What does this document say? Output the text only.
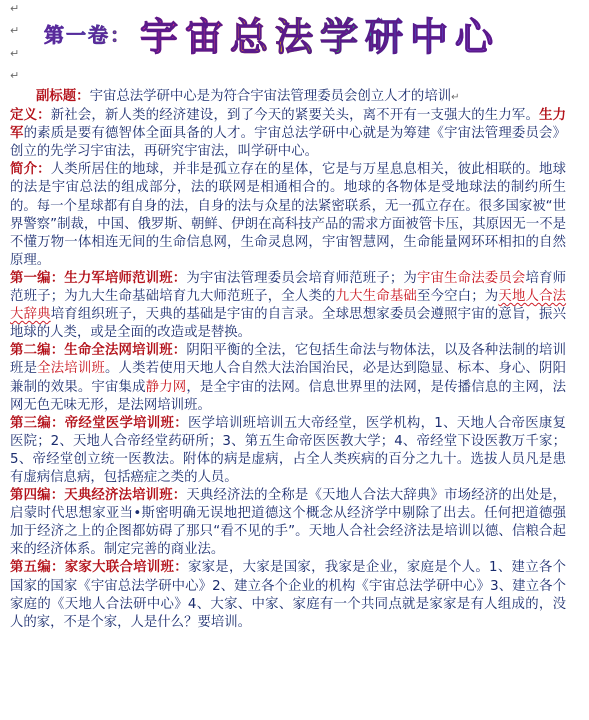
↵
↵
↵
↵
第一卷： 宇宙总法学研中心

副标题：宇宙总法学研中心是为符合宇宙法管理委员会创立人才的培训↵

定义：新社会，新人类的经济建设，到了今天的紧要关头，离不开有一支强大的生力军。生力军的素质是要有德智体全面具备的人才。宇宙总法学研中心就是为筹建《宇宙法管理委员会》创立的先学习宇宙法，再研究宇宙法，叫学研中心。

简介：人类所居住的地球，并非是孤立存在的星体，它是与万星息息相关，彼此相联的。地球的法是宇宙总法的组成部分，法的联网是相通相合的。地球的各物体是受地球法的制约所生的。每一个星球都有自身的法，自身的法与众星的法紧密联系，无一孤立存在。很多国家被“世界警察”制裁，中国、俄罗斯、朝鲜、伊朗在高科技产品的需求方面被管卡压，其原因无一不是不懂万物一体相连无间的生命信息网，生命灵息网，宇宙智慧网，生命能量网环环相扣的自然原理。

第一编：生力军培师范训班：为宇宙法管理委员会培育师范班子；为宇宙生命法委员会培育师范班子；为九大生命基础培育九大师范班子，全人类的九大生命基础至今空白；为天地人合法大辞典培育组织班子，天典的基础是宇宙的自言录。全球思想家委员会遵照宇宙的意旨，振兴地球的人类，或是全面的改造或是替换。

第二编：生命全法网培训班：阴阳平衡的全法，它包括生命法与物体法，以及各种法制的培训班是全法培训班。人类若使用天地人合自然大法治国治民，必是达到隐显、标本、身心、阴阳兼制的效果。宇宙集成静力网，是全宇宙的法网。信息世界里的法网，是传播信息的主网，法网无色无味无形，是法网培训班。

第三编：帝经堂医学培训班：医学培训班培训五大帝经堂，医学机构，1、天地人合帝医康复医院；2、天地人合帝经堂药研所；3、第五生命帝医医教大学；4、帝经堂下设医教万千家；5、帝经堂创立统一医教法。附体的病是虚病，占全人类疾病的百分之九十。选拔人员凡是患有虚病信息病，包括癌症之类的人员。

第四编：天典经济法培训班：天典经济法的全称是《天地人合法大辞典》市场经济的出处是，启蒙时代思想家亚当•斯密明确无误地把道德这个概念从经济学中剔除了出去。任何把道德强加于经济之上的企图都妨碍了那只“看不见的手”。天地人合社会经济法是培训以德、信粮合起来的经济体系。制定完善的商业法。

第五编：家家大联合培训班：家家是，大家是国家，我家是企业，家庭是个人。1、建立各个国家的国家《宇宙总法学研中心》2、建立各个企业的机构《宇宙总法学研中心》3、建立各个家庭的《天地人合法研中心》4、大家、中家、家庭有一个共同点就是家家是有人组成的，没人的家，不是个家，人是什么？要培训。
